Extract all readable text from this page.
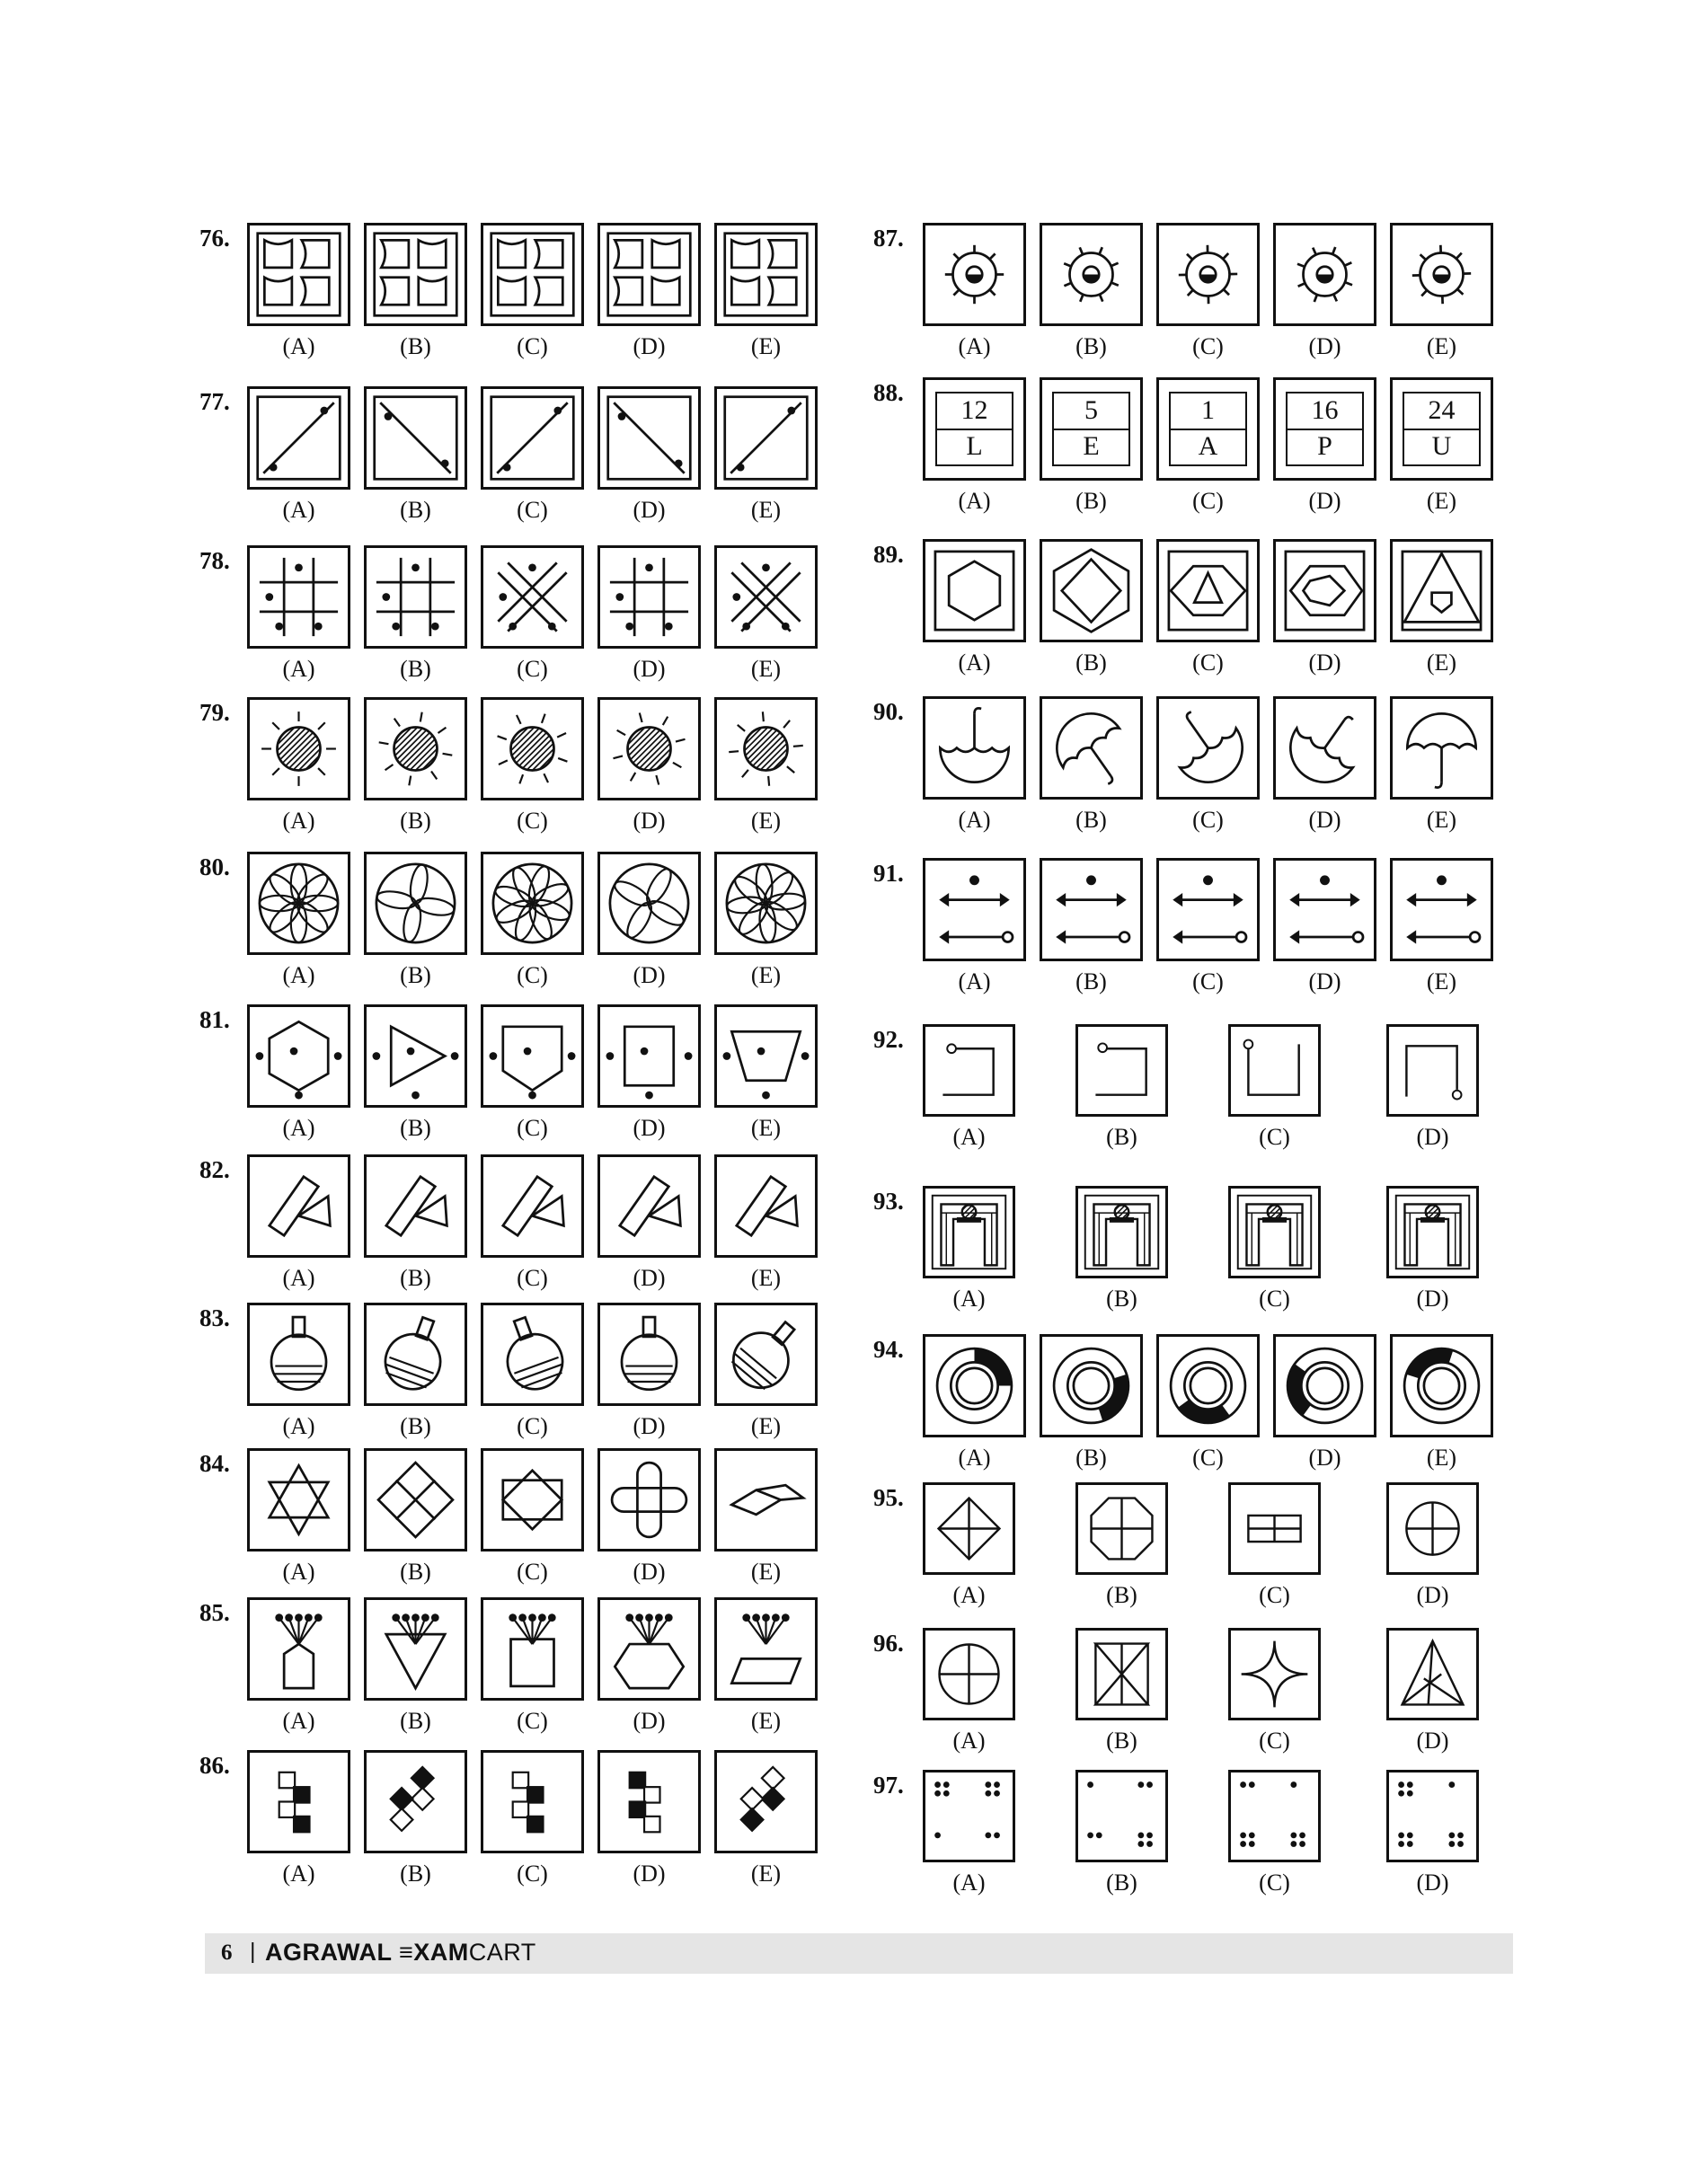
76.
(A)	(B)	(C)	(D)	(E)
77.
(A)	(B)	(C)	(D)	(E)
78.
(A)	(B)	(C)	(D)	(E)
79.
(A)	(B)	(C)	(D)	(E)
80.
(A)	(B)	(C)	(D)	(E)
81.
(A)	(B)	(C)	(D)	(E)
82.
(A)	(B)	(C)	(D)	(E)
83.
(A)	(B)	(C)	(D)	(E)
84.
(A)	(B)	(C)	(D)	(E)
85.
(A)	(B)	(C)	(D)	(E)
86.
(A)	(B)	(C)	(D)	(E)
87.
(A)	(B)	(C)	(D)	(E)
88.
12
L
(A)
5
E
(B)
1
A
(C)
16
P
(D)
24
U
(E)
89.
(A)	(B)	(C)	(D)	(E)
90.
(A)	(B)	(C)	(D)	(E)
91.
(A)	(B)	(C)	(D)	(E)
92.
(A)	(B)	(C)	(D)
93.
(A)	(B)	(C)	(D)
94.
(A)	(B)	(C)	(D)	(E)
95.
(A)	(B)	(C)	(D)
96.
(A)	(B)	(C)	(D)
97.
(A)	(B)	(C)	(D)
6 | AGRAWAL ≡XAMCART
